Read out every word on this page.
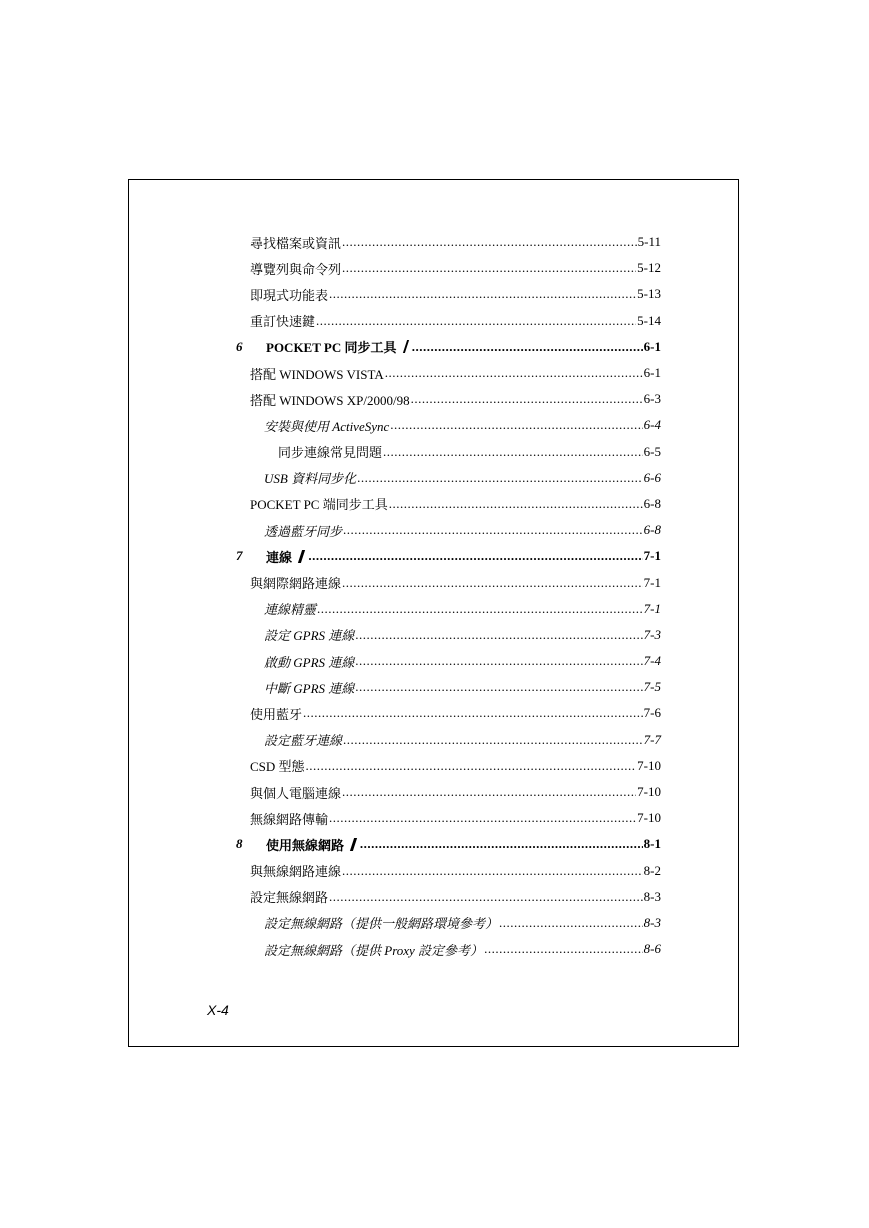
尋找檔案或資訊 .....	5-11
導覽列與命令列 .....	5-12
即現式功能表 .....	5-13
重訂快速鍵 .....	5-14
6	POCKET PC 同步工具 .....	6-1
搭配 WINDOWS VISTA .....	6-1
搭配 WINDOWS XP/2000/98 .....	6-3
安裝與使用 ActiveSync .....	6-4
同步連線常見問題 .....	6-5
USB 資料同步化 .....	6-6
POCKET PC 端同步工具 .....	6-8
透過藍牙同步 .....	6-8
7	連線 .....	7-1
與網際網路連線 .....	7-1
連線精靈 .....	7-1
設定 GPRS 連線 .....	7-3
啟動 GPRS 連線 .....	7-4
中斷 GPRS 連線 .....	7-5
使用藍牙 .....	7-6
設定藍牙連線 .....	7-7
CSD 型態 .....	7-10
與個人電腦連線 .....	7-10
無線網路傳輸 .....	7-10
8	使用無線網路 .....	8-1
與無線網路連線 .....	8-2
設定無線網路 .....	8-3
設定無線網路（提供一般網路環境參考） .....	8-3
設定無線網路（提供 Proxy 設定參考） .....	8-6
X-4
